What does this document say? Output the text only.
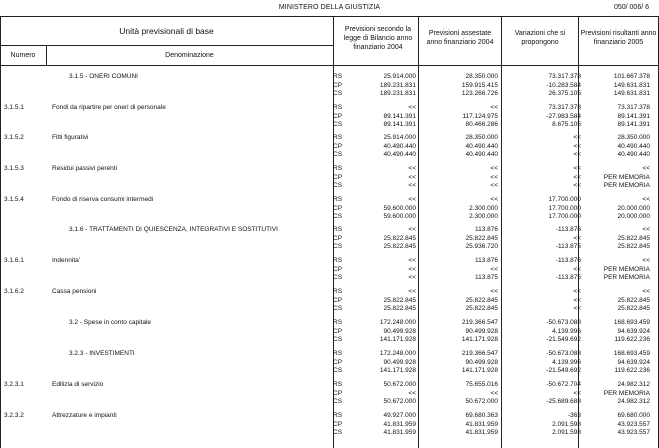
MINISTERO DELLA GIUSTIZIA	050/ 006/ 6
Unità previsionali di base
Numero	Denominazione
Previsioni secondo la legge di Bilancio anno finanziario 2004
Previsioni assestate anno finanziario 2004
Variazioni che si propongono
Previsioni risultanti anno finanziario 2005
3.1.5 - ONERI COMUNI	RS	25.914.000	28.350.000	73.317.378	101.667.378
CP	189.231.831	159.915.415	-10.283.584	149.631.831
CS	189.231.831	123.266.726	26.375.105	149.631.831
3.1.5.1	Fondi da ripartire per oneri di personale	RS	<<	<<	73.317.378	73.317.378
CP	89.141.391	117.124.975	-27.983.584	89.141.391
CS	89.141.391	80.466.286	8.675.105	89.141.391
3.1.5.2	Fitti figurativi	RS	25.914.000	28.350.000	<<	28.350.000
CP	40.490.440	40.490.440	<<	40.490.440
CS	40.490.440	40.490.440	<<	40.490.440
3.1.5.3	Residui passivi perenti	RS	<<	<<	<<	<<
CP	<<	<<	<<	PER MEMORIA
CS	<<	<<	<<	PER MEMORIA
3.1.5.4	Fondo di riserva consumi intermedi	RS	<<	<<	17.700.000	<<
CP	59.600.000	2.300.000	17.700.000	20.000.000
CS	59.600.000	2.300.000	17.700.000	20.000.000
3.1.6 - TRATTAMENTI DI QUIESCENZA, INTEGRATIVI E SOSTITUTIVI	RS	<<	113.876	-113.876	<<
CP	25.822.845	25.822.845	<<	25.822.845
CS	25.822.845	25.936.720	-113.875	25.822.845
3.1.6.1	Indennita'	RS	<<	113.876	-113.876	<<
CP	<<	<<	<<	PER MEMORIA
CS	<<	113.875	-113.875	PER MEMORIA
3.1.6.2	Cassa pensioni	RS	<<	<<	<<	<<
CP	25.822.845	25.822.845	<<	25.822.845
CS	25.822.845	25.822.845	<<	25.822.845
3.2 - Spese in conto capitale	RS	172.248.000	219.366.547	-50.673.088	168.693.459
CP	90.499.928	90.499.928	4.139.996	94.639.924
CS	141.171.928	141.171.928	-21.549.692	119.622.236
3.2.3 - INVESTIMENTI	RS	172.248.000	219.366.547	-50.673.088	168.693.459
CP	90.499.928	90.499.928	4.139.996	94.639.924
CS	141.171.928	141.171.928	-21.549.692	119.622.236
3.2.3.1	Edilizia di servizio	RS	50.672.000	75.655.016	-50.672.704	24.982.312
CP	<<	<<	<<	PER MEMORIA
CS	50.672.000	50.672.000	-25.689.688	24.982.312
3.2.3.2	Attrezzature e impianti	RS	49.927.000	69.680.363	-363	69.680.000
CP	41.831.959	41.831.959	2.091.598	43.923.557
CS	41.831.959	41.831.959	2.091.598	43.923.557
